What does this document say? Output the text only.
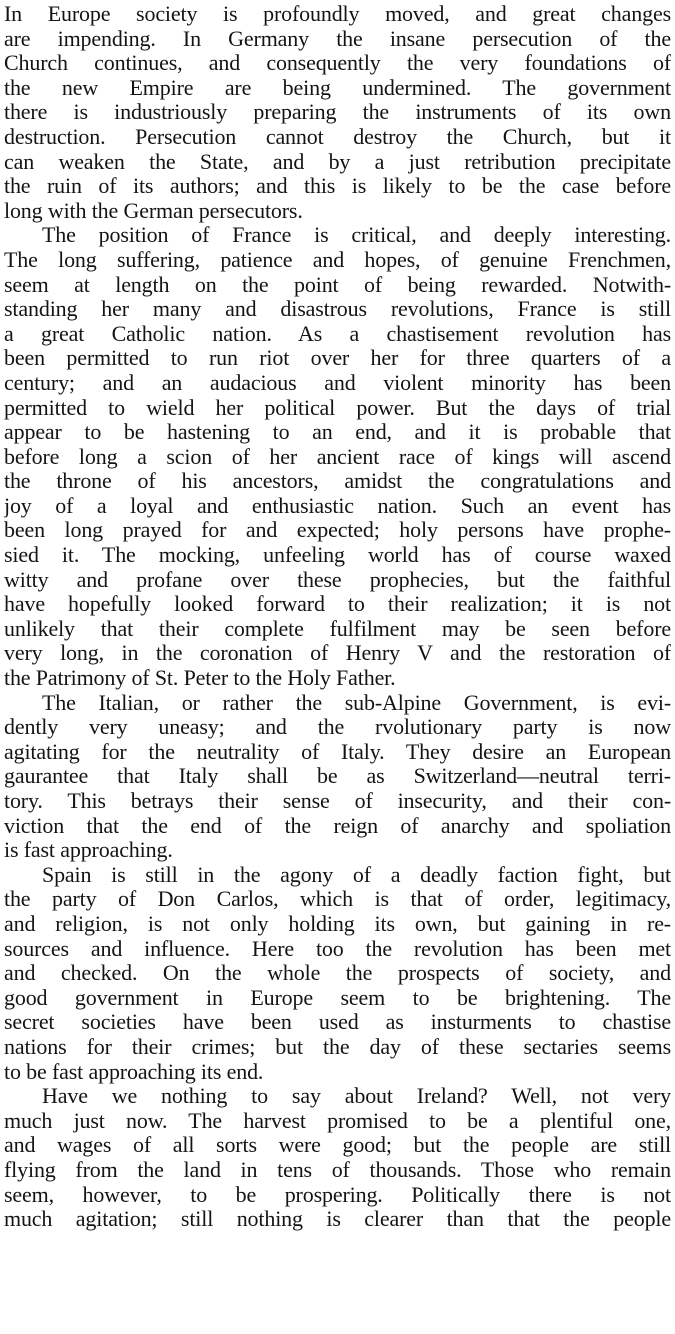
In Europe society is profoundly moved, and great changes
are impending. In Germany the insane persecution of the
Church continues, and consequently the very foundations of
the new Empire are being undermined. The government
there is industriously preparing the instruments of its own
destruction. Persecution cannot destroy the Church, but it
can weaken the State, and by a just retribution precipitate
the ruin of its authors; and this is likely to be the case before
long with the German persecutors.
The position of France is critical, and deeply interesting.
The long suffering, patience and hopes, of genuine Frenchmen,
seem at length on the point of being rewarded. Notwith-
standing her many and disastrous revolutions, France is still
a great Catholic nation. As a chastisement revolution has
been permitted to run riot over her for three quarters of a
century; and an audacious and violent minority has been
permitted to wield her political power. But the days of trial
appear to be hastening to an end, and it is probable that
before long a scion of her ancient race of kings will ascend
the throne of his ancestors, amidst the congratulations and
joy of a loyal and enthusiastic nation. Such an event has
been long prayed for and expected; holy persons have prophe-
sied it. The mocking, unfeeling world has of course waxed
witty and profane over these prophecies, but the faithful
have hopefully looked forward to their realization; it is not
unlikely that their complete fulfilment may be seen before
very long, in the coronation of Henry V and the restoration of
the Patrimony of St. Peter to the Holy Father.
The Italian, or rather the sub-Alpine Government, is evi-
dently very uneasy; and the rvolutionary party is now
agitating for the neutrality of Italy. They desire an European
gaurantee that Italy shall be as Switzerland—neutral terri-
tory. This betrays their sense of insecurity, and their con-
viction that the end of the reign of anarchy and spoliation
is fast approaching.
Spain is still in the agony of a deadly faction fight, but
the party of Don Carlos, which is that of order, legitimacy,
and religion, is not only holding its own, but gaining in re-
sources and influence. Here too the revolution has been met
and checked. On the whole the prospects of society, and
good government in Europe seem to be brightening. The
secret societies have been used as insturments to chastise
nations for their crimes; but the day of these sectaries seems
to be fast approaching its end.
Have we nothing to say about Ireland? Well, not very
much just now. The harvest promised to be a plentiful one,
and wages of all sorts were good; but the people are still
flying from the land in tens of thousands. Those who remain
seem, however, to be prospering. Politically there is not
much agitation; still nothing is clearer than that the people
